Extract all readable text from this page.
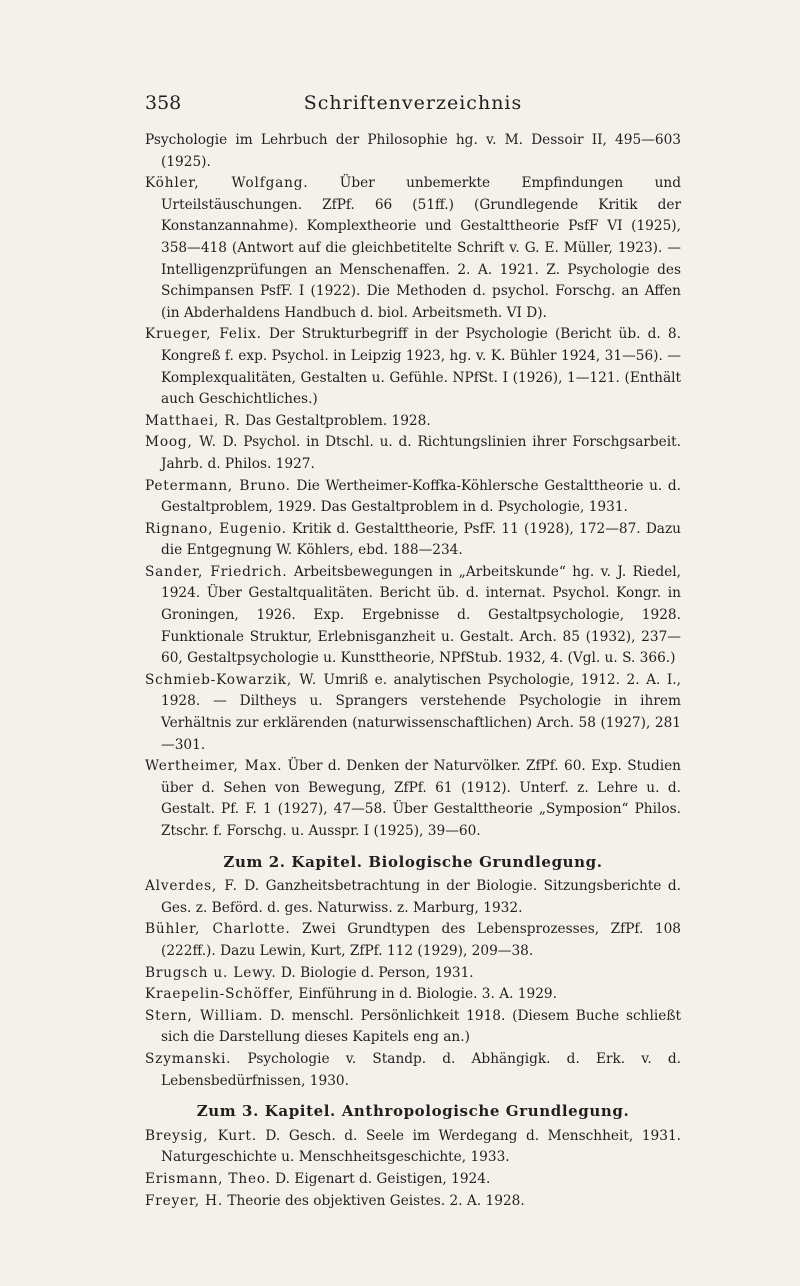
358	Schriftenverzeichnis

Psychologie im Lehrbuch der Philosophie hg. v. M. Dessoir II, 495—603 (1925).

Köhler, Wolfgang. Über unbemerkte Empfindungen und Urteilstäuschungen. ZfPf. 66 (51ff.) (Grundlegende Kritik der Konstanzannahme). Komplextheorie und Gestalttheorie PsfF VI (1925), 358—418 (Antwort auf die gleichbetitelte Schrift v. G. E. Müller, 1923). — Intelligenzprüfungen an Menschenaffen. 2. A. 1921. Z. Psychologie des Schimpansen PsfF. I (1922). Die Methoden d. psychol. Forschg. an Affen (in Abderhaldens Handbuch d. biol. Arbeitsmeth. VI D).

Krueger, Felix. Der Strukturbegriff in der Psychologie (Bericht üb. d. 8. Kongreß f. exp. Psychol. in Leipzig 1923, hg. v. K. Bühler 1924, 31—56). — Komplexqualitäten, Gestalten u. Gefühle. NPfSt. I (1926), 1—121. (Enthält auch Geschichtliches.)

Matthaei, R. Das Gestaltproblem. 1928.

Moog, W. D. Psychol. in Dtschl. u. d. Richtungslinien ihrer Forschgsarbeit. Jahrb. d. Philos. 1927.

Petermann, Bruno. Die Wertheimer-Koffka-Köhlersche Gestalttheorie u. d. Gestaltproblem, 1929. Das Gestaltproblem in d. Psychologie, 1931.

Rignano, Eugenio. Kritik d. Gestalttheorie, PsfF. 11 (1928), 172—87. Dazu die Entgegnung W. Köhlers, ebd. 188—234.

Sander, Friedrich. Arbeitsbewegungen in „Arbeitskunde“ hg. v. J. Riedel, 1924. Über Gestaltqualitäten. Bericht üb. d. internat. Psychol. Kongr. in Groningen, 1926. Exp. Ergebnisse d. Gestaltpsychologie, 1928. Funktionale Struktur, Erlebnisganzheit u. Gestalt. Arch. 85 (1932), 237—60, Gestaltpsychologie u. Kunsttheorie, NPfStub. 1932, 4. (Vgl. u. S. 366.)

Schmieb-Kowarzik, W. Umriß e. analytischen Psychologie, 1912. 2. A. I., 1928. — Diltheys u. Sprangers verstehende Psychologie in ihrem Verhältnis zur erklärenden (naturwissenschaftlichen) Arch. 58 (1927), 281—301.

Wertheimer, Max. Über d. Denken der Naturvölker. ZfPf. 60. Exp. Studien über d. Sehen von Bewegung, ZfPf. 61 (1912). Unterf. z. Lehre u. d. Gestalt. Pf. F. 1 (1927), 47—58. Über Gestalttheorie „Symposion“ Philos. Ztschr. f. Forschg. u. Ausspr. I (1925), 39—60.

Zum 2. Kapitel. Biologische Grundlegung.

Alverdes, F. D. Ganzheitsbetrachtung in der Biologie. Sitzungsberichte d. Ges. z. Beförd. d. ges. Naturwiss. z. Marburg, 1932.

Bühler, Charlotte. Zwei Grundtypen des Lebensprozesses, ZfPf. 108 (222ff.). Dazu Lewin, Kurt, ZfPf. 112 (1929), 209—38.

Brugsch u. Lewy. D. Biologie d. Person, 1931.

Kraepelin-Schöffer, Einführung in d. Biologie. 3. A. 1929.

Stern, William. D. menschl. Persönlichkeit 1918. (Diesem Buche schließt sich die Darstellung dieses Kapitels eng an.)

Szymanski. Psychologie v. Standp. d. Abhängigk. d. Erk. v. d. Lebensbedürfnissen, 1930.

Zum 3. Kapitel. Anthropologische Grundlegung.

Breysig, Kurt. D. Gesch. d. Seele im Werdegang d. Menschheit, 1931. Naturgeschichte u. Menschheitsgeschichte, 1933.

Erismann, Theo. D. Eigenart d. Geistigen, 1924.

Freyer, H. Theorie des objektiven Geistes. 2. A. 1928.
